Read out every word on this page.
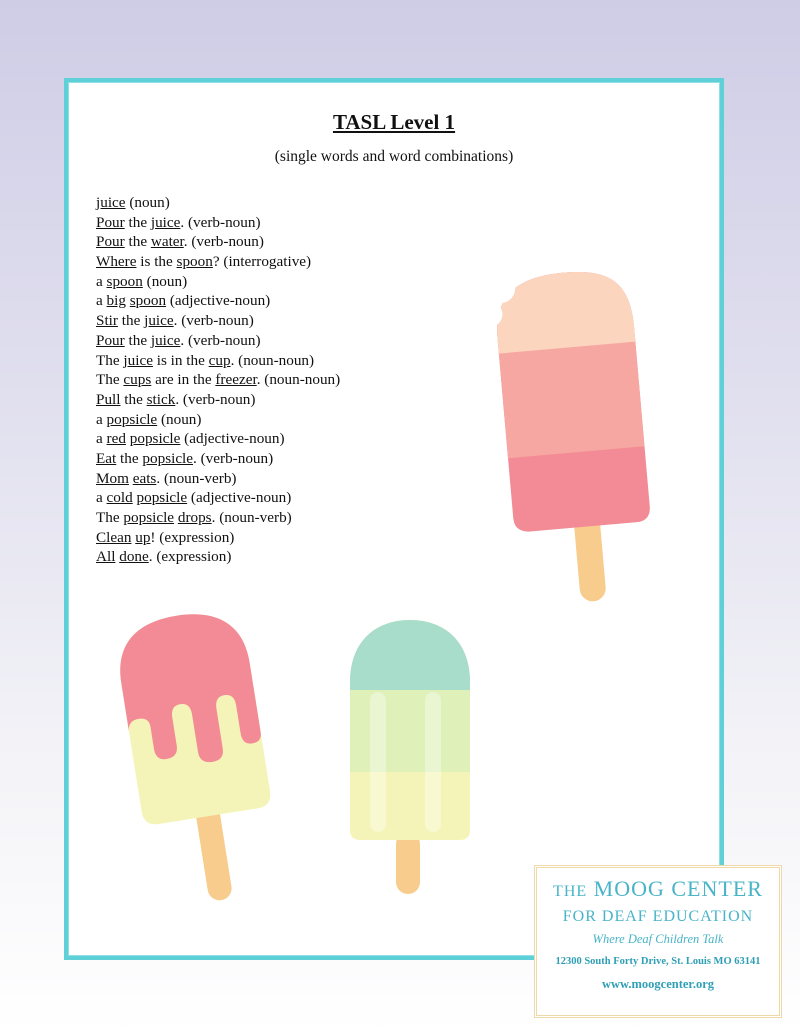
TASL Level 1
(single words and word combinations)
juice (noun)
Pour the juice. (verb-noun)
Pour the water. (verb-noun)
Where is the spoon? (interrogative)
a spoon (noun)
a big spoon (adjective-noun)
Stir the juice. (verb-noun)
Pour the juice. (verb-noun)
The juice is in the cup. (noun-noun)
The cups are in the freezer. (noun-noun)
Pull the stick. (verb-noun)
a popsicle (noun)
a red popsicle (adjective-noun)
Eat the popsicle. (verb-noun)
Mom eats. (noun-verb)
a cold popsicle (adjective-noun)
The popsicle drops. (noun-verb)
Clean up! (expression)
All done. (expression)
THE MOOG CENTER
FOR DEAF EDUCATION
Where Deaf Children Talk
12300 South Forty Drive, St. Louis MO 63141
www.moogcenter.org
